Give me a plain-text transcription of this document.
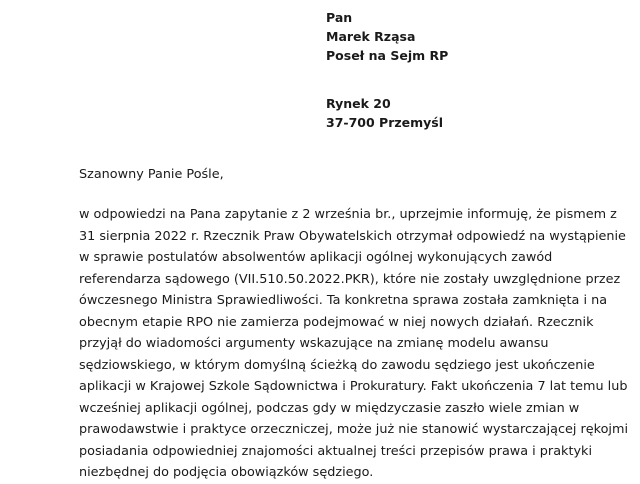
Pan
Marek Rząsa
Poseł na Sejm RP
Rynek 20
37-700 Przemyśl
Szanowny Panie Pośle,
w odpowiedzi na Pana zapytanie z 2 września br., uprzejmie informuję, że pismem z
31 sierpnia 2022 r. Rzecznik Praw Obywatelskich otrzymał odpowiedź na wystąpienie
w sprawie postulatów absolwentów aplikacji ogólnej wykonujących zawód
referendarza sądowego (VII.510.50.2022.PKR), które nie zostały uwzględnione przez
ówczesnego Ministra Sprawiedliwości. Ta konkretna sprawa została zamknięta i na
obecnym etapie RPO nie zamierza podejmować w niej nowych działań. Rzecznik
przyjął do wiadomości argumenty wskazujące na zmianę modelu awansu
sędziowskiego, w którym domyślną ścieżką do zawodu sędziego jest ukończenie
aplikacji w Krajowej Szkole Sądownictwa i Prokuratury. Fakt ukończenia 7 lat temu lub
wcześniej aplikacji ogólnej, podczas gdy w międzyczasie zaszło wiele zmian w
prawodawstwie i praktyce orzeczniczej, może już nie stanowić wystarczającej rękojmi
posiadania odpowiedniej znajomości aktualnej treści przepisów prawa i praktyki
niezbędnej do podjęcia obowiązków sędziego.
